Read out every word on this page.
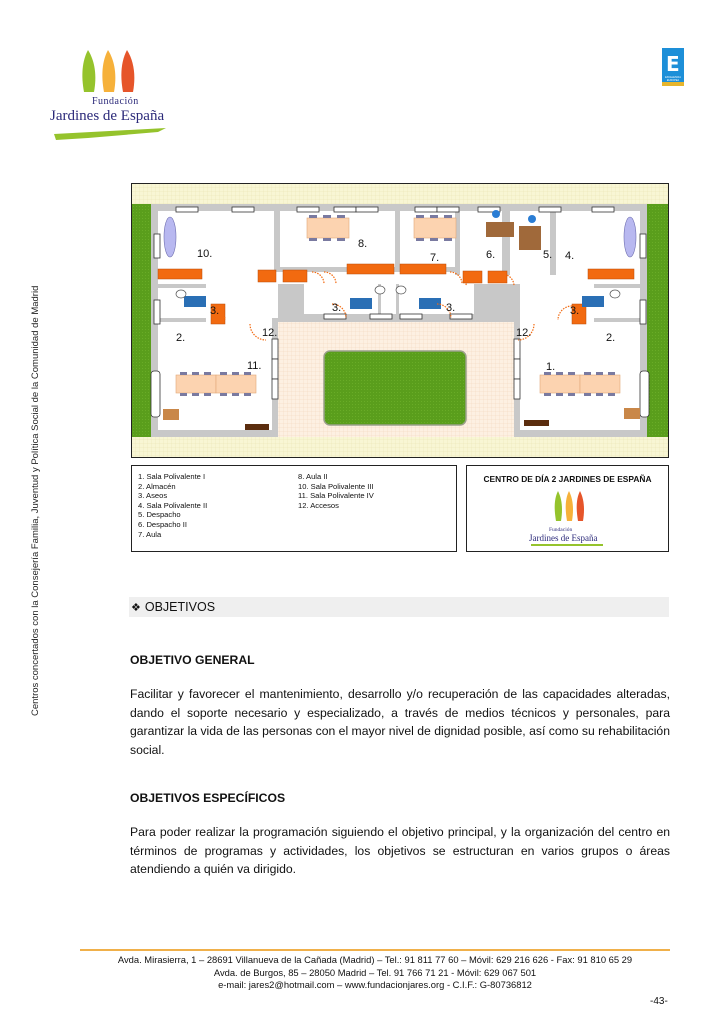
Fundación
Jardines de España
E
EXCELENCIA EUROPEA
Centros concertados con la Consejería Familia, Juventud y Política Social de la Comunidad de Madrid
10.
8.
7.	6.	5. 4.
3.	3.	3.	3.
2.	2.
12.	12.
11.	1.
1. Sala Polivalente I
2. Almacén
3. Aseos
4. Sala Polivalente II
5. Despacho
6. Despacho II
7. Aula
8. Aula II
10. Sala Polivalente III
11. Sala Polivalente IV
12. Accesos
CENTRO DE DÍA 2 JARDINES DE ESPAÑA
Fundación
Jardines de España
❖ OBJETIVOS
OBJETIVO GENERAL
Facilitar y favorecer el mantenimiento, desarrollo y/o recuperación de las capacidades alteradas, dando el soporte necesario y especializado, a través de medios técnicos y personales, para garantizar la vida de las personas con el mayor nivel de dignidad posible, así como su rehabilitación social.
OBJETIVOS ESPECÍFICOS
Para poder realizar la programación siguiendo el objetivo principal, y la organización del centro en términos de programas y actividades, los objetivos se estructuran en varios grupos o áreas atendiendo a quién va dirigido.
Avda. Mirasierra, 1 – 28691 Villanueva de la Cañada (Madrid) – Tel.: 91 811 77 60 – Móvil: 629 216 626 - Fax: 91 810 65 29
Avda. de Burgos, 85 – 28050 Madrid – Tel. 91 766 71 21 - Móvil: 629 067 501
e-mail: jares2@hotmail.com – www.fundacionjares.org - C.I.F.: G-80736812
-43-
